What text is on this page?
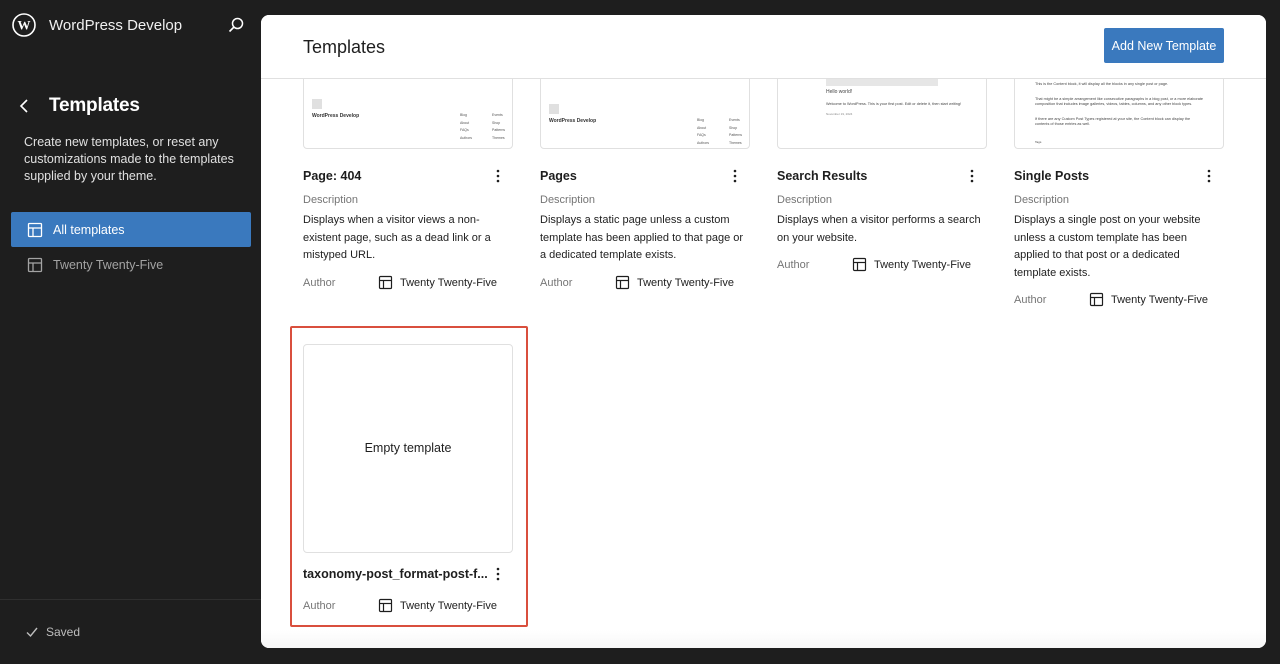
W WordPress Develop
Templates
Create new templates, or reset any customizations made to the templates supplied by your theme.
All templates
Twenty Twenty-Five
Saved
Templates	Add New Template
WordPress Develop	Blog
About
FAQs
Authors
Events
Shop
Patterns
Themes
Page: 404
Description
Displays when a visitor views a non-existent page, such as a dead link or a mistyped URL.
Author	Twenty Twenty-Five
WordPress Develop	Blog
About
FAQs
Authors
Events
Shop
Patterns
Themes
Pages
Description
Displays a static page unless a custom template has been applied to that page or a dedicated template exists.
Author	Twenty Twenty-Five
Hello world!
Welcome to WordPress. This is your first post. Edit or delete it, then start writing!
November 19, 2024
Search Results
Description
Displays when a visitor performs a search on your website.
Author	Twenty Twenty-Five
This is the Content block, it will display all the blocks in any single post or page.
That might be a simple arrangement like consecutive paragraphs in a blog post, or a more elaborate composition that includes image galleries, videos, tables, columns, and any other block types.
If there are any Custom Post Types registered at your site, the Content block can display the contents of those entries as well.
Tags
Single Posts
Description
Displays a single post on your website unless a custom template has been applied to that post or a dedicated template exists.
Author	Twenty Twenty-Five
Empty template
taxonomy-post_format-post-f...
Author	Twenty Twenty-Five
